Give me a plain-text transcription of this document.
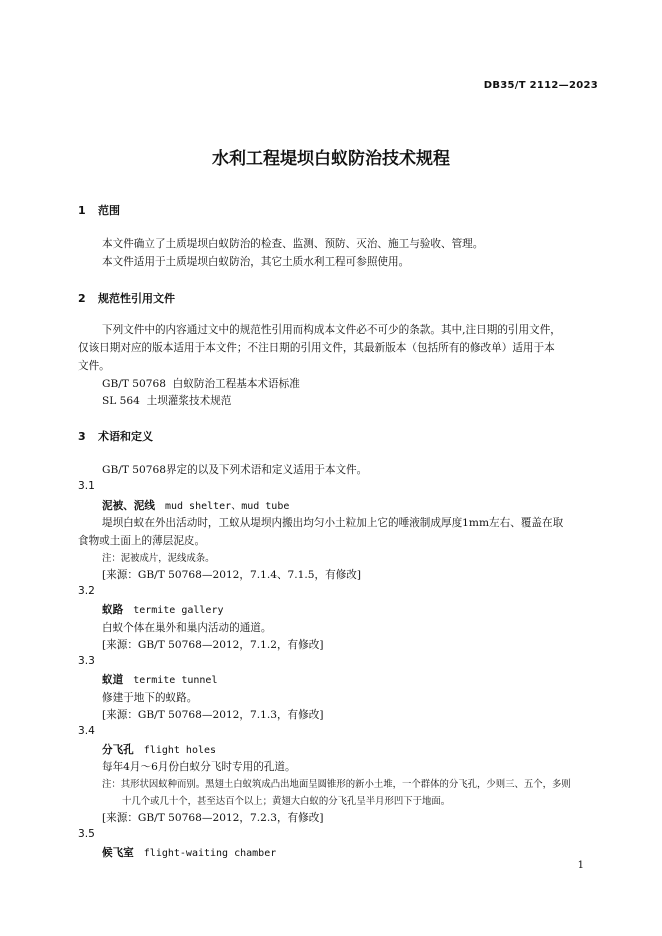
DB35/T 2112—2023
水利工程堤坝白蚁防治技术规程
1 范围
本文件确立了土质堤坝白蚁防治的检查、监测、预防、灭治、施工与验收、管理。
本文件适用于土质堤坝白蚁防治，其它土质水利工程可参照使用。
2 规范性引用文件
下列文件中的内容通过文中的规范性引用而构成本文件必不可少的条款。其中,注日期的引用文件，
仅该日期对应的版本适用于本文件；不注日期的引用文件，其最新版本（包括所有的修改单）适用于本
文件。
GB/T 50768  白蚁防治工程基本术语标准
SL 564  土坝灌浆技术规范
3 术语和定义
GB/T 50768界定的以及下列术语和定义适用于本文件。
3.1
泥被、泥线 mud shelter、mud tube
堤坝白蚁在外出活动时，工蚁从堤坝内搬出均匀小土粒加上它的唾液制成厚度1mm左右、覆盖在取
食物或土面上的薄层泥皮。
注：泥被成片，泥线成条。
[来源：GB/T 50768—2012，7.1.4、7.1.5，有修改]
3.2
蚁路 termite gallery
白蚁个体在巢外和巢内活动的通道。
[来源：GB/T 50768—2012，7.1.2，有修改]
3.3
蚁道 termite tunnel
修建于地下的蚁路。
[来源：GB/T 50768—2012，7.1.3，有修改]
3.4
分飞孔 flight holes
每年4月～6月份白蚁分飞时专用的孔道。
注：其形状因蚁种而别。黑翅土白蚁筑成凸出地面呈圆锥形的新小土堆，一个群体的分飞孔，少则三、五个，多则
十几个或几十个，甚至达百个以上；黄翅大白蚁的分飞孔呈半月形凹下于地面。
[来源：GB/T 50768—2012，7.2.3，有修改]
3.5
候飞室 flight-waiting chamber
1
